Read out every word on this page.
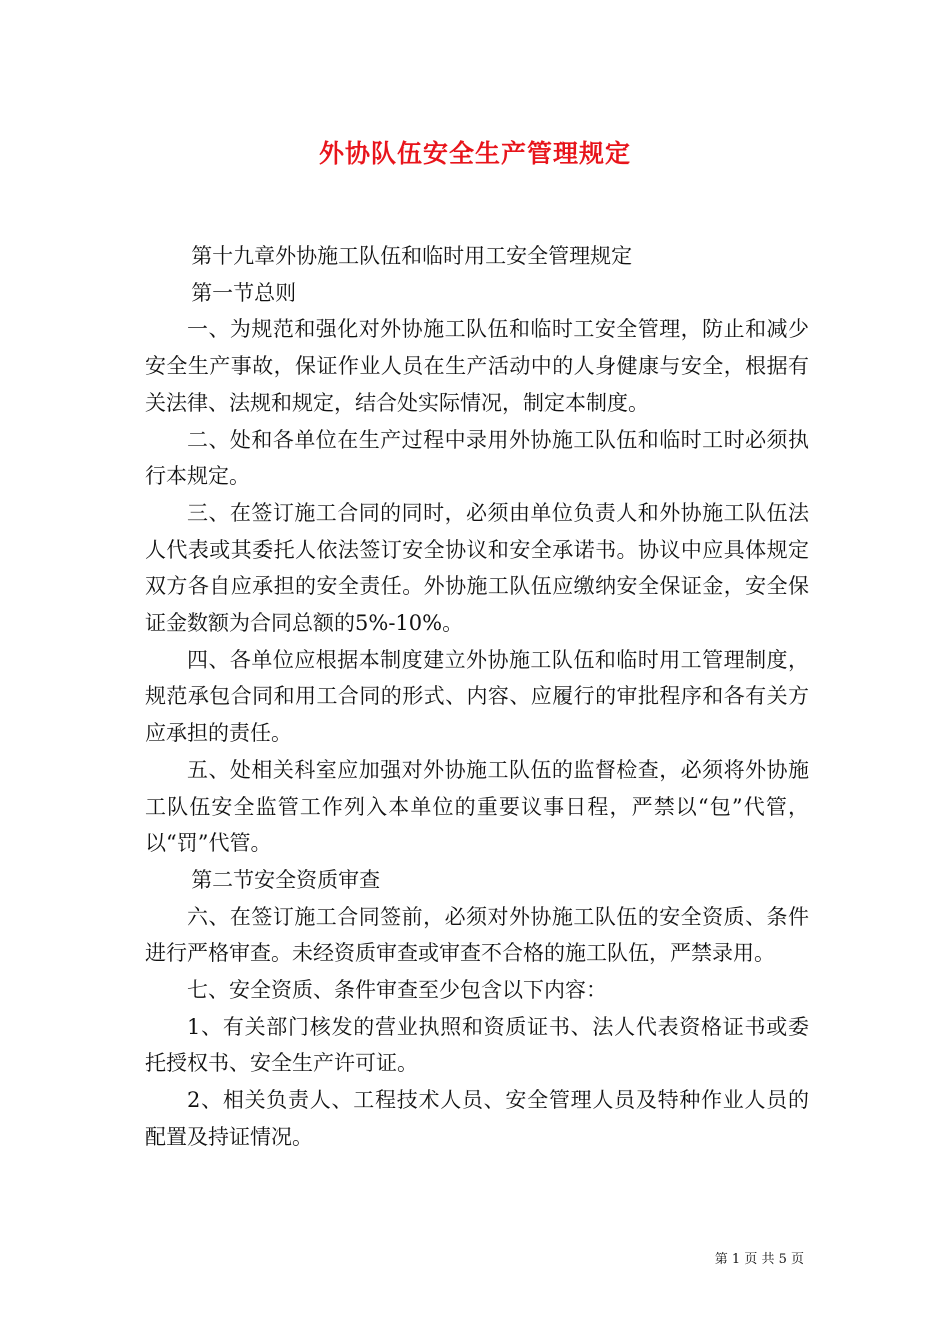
外协队伍安全生产管理规定

第十九章外协施工队伍和临时用工安全管理规定

第一节总则

一、为规范和强化对外协施工队伍和临时工安全管理，防止和减少安全生产事故，保证作业人员在生产活动中的人身健康与安全，根据有关法律、法规和规定，结合处实际情况，制定本制度。

二、处和各单位在生产过程中录用外协施工队伍和临时工时必须执行本规定。

三、在签订施工合同的同时，必须由单位负责人和外协施工队伍法人代表或其委托人依法签订安全协议和安全承诺书。协议中应具体规定双方各自应承担的安全责任。外协施工队伍应缴纳安全保证金，安全保证金数额为合同总额的5%-10%。

四、各单位应根据本制度建立外协施工队伍和临时用工管理制度，规范承包合同和用工合同的形式、内容、应履行的审批程序和各有关方应承担的责任。

五、处相关科室应加强对外协施工队伍的监督检查，必须将外协施工队伍安全监管工作列入本单位的重要议事日程，严禁以“包”代管，以“罚”代管。

第二节安全资质审查

六、在签订施工合同签前，必须对外协施工队伍的安全资质、条件进行严格审查。未经资质审查或审查不合格的施工队伍，严禁录用。

七、安全资质、条件审查至少包含以下内容：

1、有关部门核发的营业执照和资质证书、法人代表资格证书或委托授权书、安全生产许可证。

2、相关负责人、工程技术人员、安全管理人员及特种作业人员的配置及持证情况。

第 1 页 共 5 页
